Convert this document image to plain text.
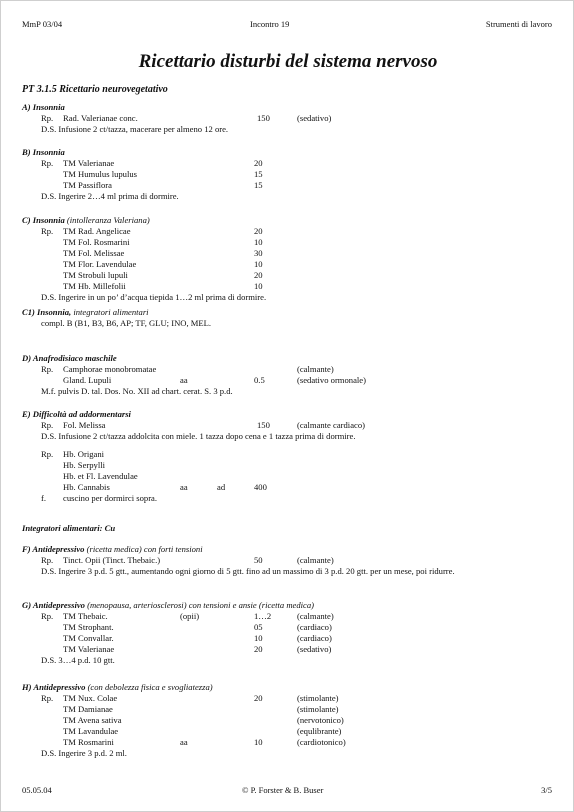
MmP 03/04	Incontro 19	Strumenti di lavoro
Ricettario disturbi del sistema nervoso
PT 3.1.5 Ricettario neurovegetativo
A) Insonnia
Rp. Rad. Valerianae conc.	150	(sedativo)
D.S. Infusione 2 ct/tazza, macerare per almeno 12 ore.
B) Insonnia
Rp. TM Valerianae	20
TM Humulus lupulus	15
TM Passiflora	15
D.S. Ingerire 2…4 ml prima di dormire.
C) Insonnia (intolleranza Valeriana)
Rp. TM Rad. Angelicae	20
TM Fol. Rosmarini	10
TM Fol. Melissae	30
TM Flor. Lavendulae	10
TM Strobuli lupuli	20
TM Hb. Millefolii	10
D.S. Ingerire in un po’ d’acqua tiepida 1…2 ml prima di dormire.
C1) Insonnia, integratori alimentari
compl. B (B1, B3, B6, AP; TF, GLU; INO, MEL.
D) Anafrodisiaco maschile
Rp. Camphorae monobromatae	(calmante)
Gland. Lupuli	aa	0.5	(sedativo ormonale)
M.f. pulvis D. tal. Dos. No. XII ad chart. cerat. S. 3 p.d.
E) Difficoltà ad addormentarsi
Rp. Fol. Melissa	150	(calmante cardiaco)
D.S. Infusione 2 ct/tazza addolcita con miele. 1 tazza dopo cena e 1 tazza prima di dormire.
Rp. Hb. Origani
Hb. Serpylli
Hb. et Fl. Lavendulae
Hb. Cannabis	aa	ad	400
f. cuscino per dormirci sopra.
Integratori alimentari: Cu
F) Antidepressivo (ricetta medica) con forti tensioni
Rp. Tinct. Opii (Tinct. Thebaic.)	50	(calmante)
D.S. Ingerire 3 p.d. 5 gtt., aumentando ogni giorno di 5 gtt. fino ad un massimo di 3 p.d. 20 gtt. per un mese, poi ridurre.
G) Antidepressivo (menopausa, arteriosclerosi) con tensioni e ansie (ricetta medica)
Rp. TM Thebaic.	(opii)	1…2	(calmante)
TM Strophant.	05	(cardiaco)
TM Convallar.	10	(cardiaco)
TM Valerianae	20	(sedativo)
D.S. 3…4 p.d. 10 gtt.
H) Antidepressivo (con debolezza fisica e svogliatezza)
Rp. TM Nux. Colae	20	(stimolante)
TM Damianae	(stimolante)
TM Avena sativa	(nervotonico)
TM Lavandulae	(equlibrante)
TM Rosmarini	aa	10	(cardiotonico)
D.S. Ingerire 3 p.d. 2 ml.
05.05.04	© P. Forster & B. Buser	3/5
